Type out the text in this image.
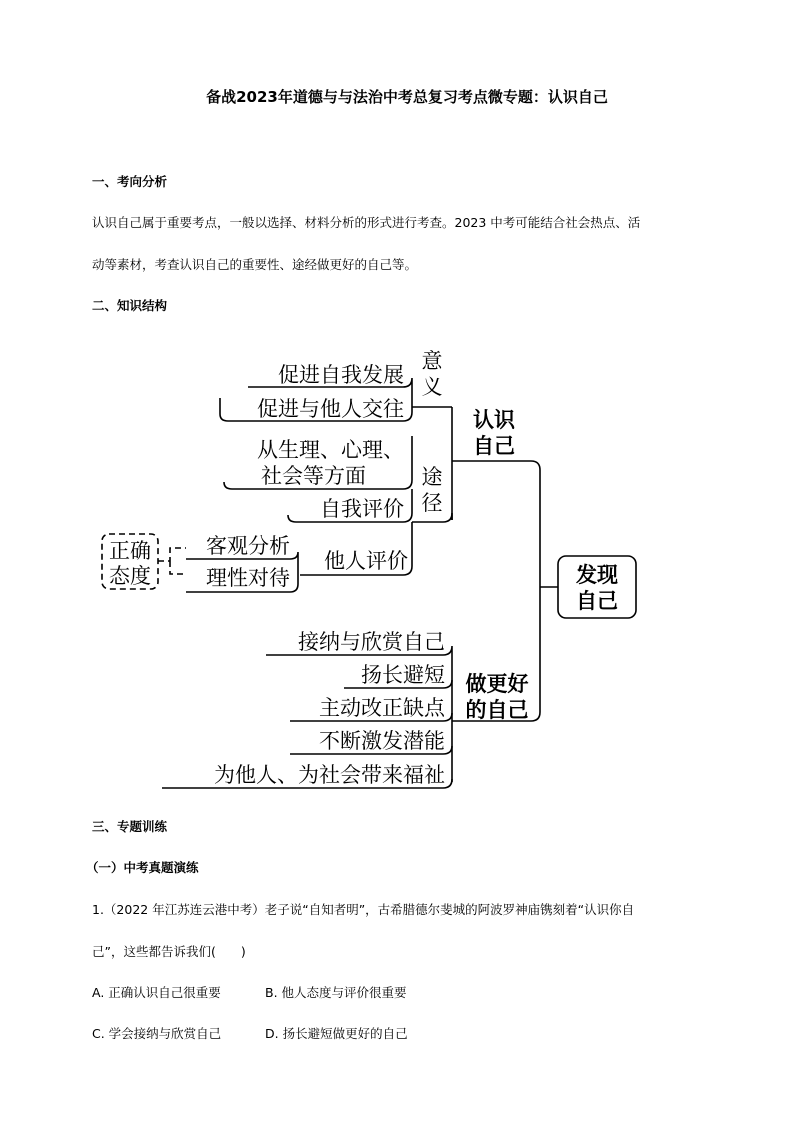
备战2023年道德与与法治中考总复习考点微专题：认识自己
一、考向分析
认识自己属于重要考点，一般以选择、材料分析的形式进行考查。2023 中考可能结合社会热点、活
动等素材，考查认识自己的重要性、途经做更好的自己等。
二、知识结构
发现
自己
认识
自己
意
义
促进自我发展
促进与他人交往
途
径
从生理、心理、
社会等方面
自我评价
他人评价
客观分析
理性对待
正确
态度
做更好
的自己
接纳与欣赏自己
扬长避短
主动改正缺点
不断激发潜能
为他人、为社会带来福祉
三、专题训练
（一）中考真题演练
1.（2022 年江苏连云港中考）老子说“自知者明”，古希腊德尔斐城的阿波罗神庙镌刻着“认识你自
己”，这些都告诉我们(　　)
A. 正确认识自己很重要	B. 他人态度与评价很重要
C. 学会接纳与欣赏自己	D. 扬长避短做更好的自己
